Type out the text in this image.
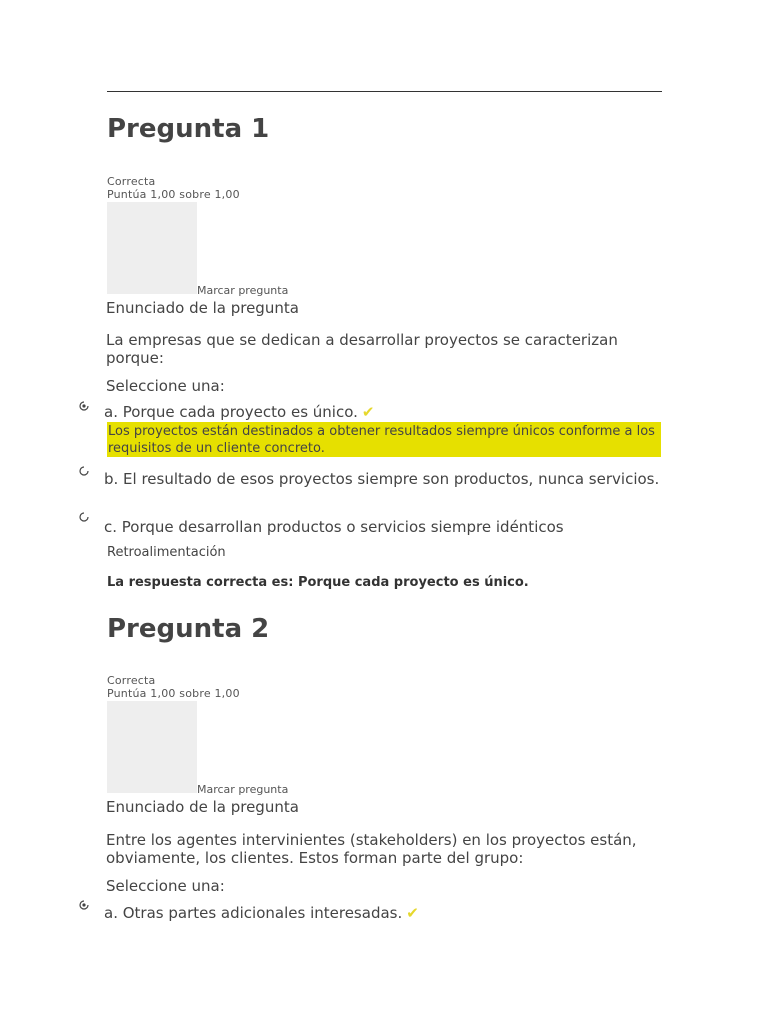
Pregunta 1
Correcta
Puntúa 1,00 sobre 1,00
Marcar pregunta
Enunciado de la pregunta
La empresas que se dedican a desarrollar proyectos se caracterizan porque:
Seleccione una:
a. Porque cada proyecto es único. ✔
Los proyectos están destinados a obtener resultados siempre únicos conforme a los requisitos de un cliente concreto.
b. El resultado de esos proyectos siempre son productos, nunca servicios.
c. Porque desarrollan productos o servicios siempre idénticos
Retroalimentación
La respuesta correcta es: Porque cada proyecto es único.
Pregunta 2
Correcta
Puntúa 1,00 sobre 1,00
Marcar pregunta
Enunciado de la pregunta
Entre los agentes intervinientes (stakeholders) en los proyectos están, obviamente, los clientes. Estos forman parte del grupo:
Seleccione una:
a. Otras partes adicionales interesadas. ✔
